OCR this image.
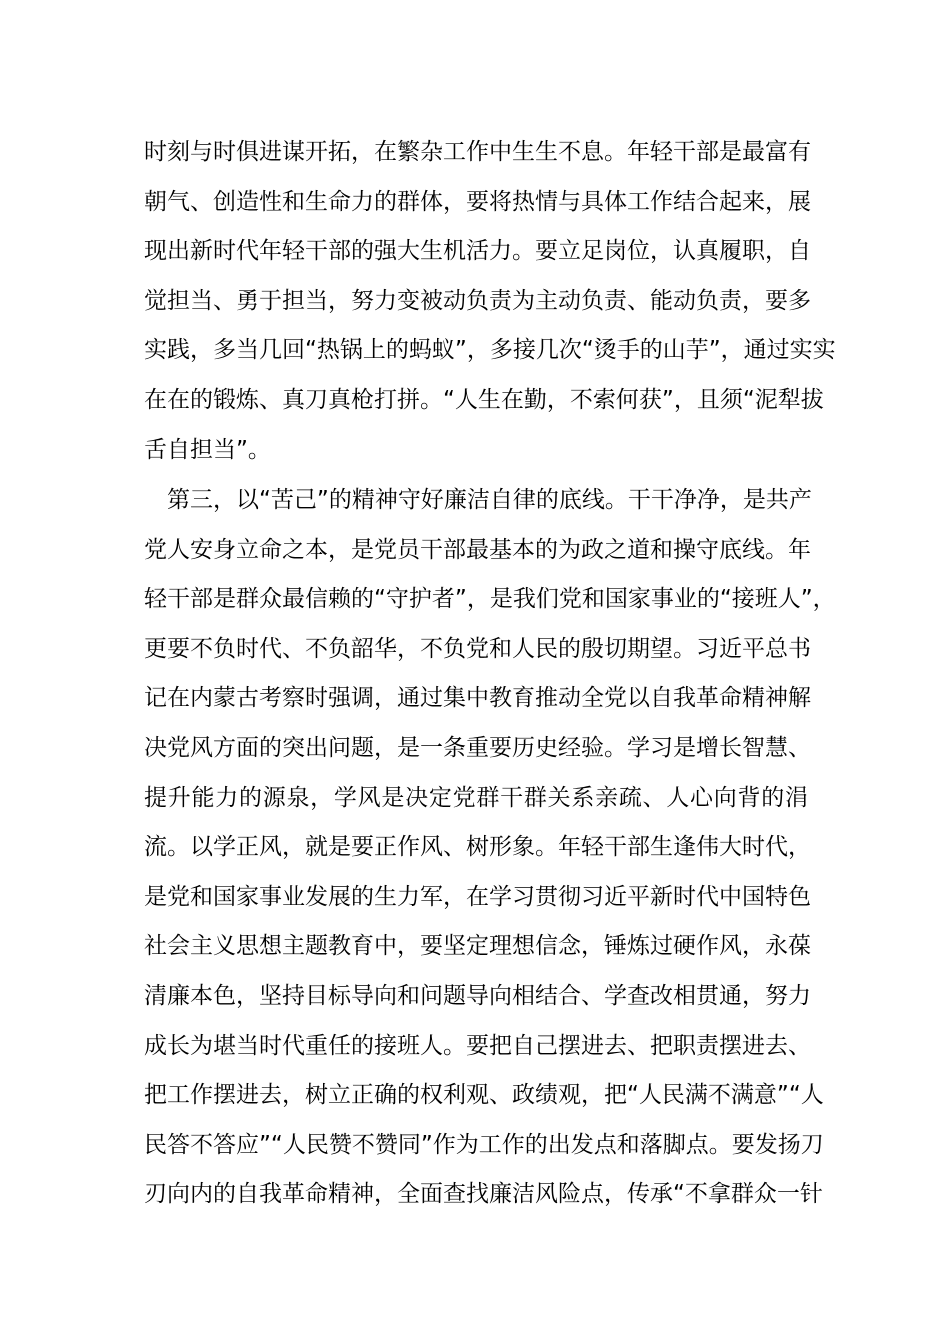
时刻与时俱进谋开拓，在繁杂工作中生生不息。年轻干部是最富有
朝气、创造性和生命力的群体，要将热情与具体工作结合起来，展
现出新时代年轻干部的强大生机活力。要立足岗位，认真履职，自
觉担当、勇于担当，努力变被动负责为主动负责、能动负责，要多
实践，多当几回“热锅上的蚂蚁”，多接几次“烫手的山芋”，通过实实
在在的锻炼、真刀真枪打拼。“人生在勤，不索何获”，且须“泥犁拔
舌自担当”。
　第三，以“苦己”的精神守好廉洁自律的底线。干干净净，是共产
党人安身立命之本，是党员干部最基本的为政之道和操守底线。年
轻干部是群众最信赖的“守护者”，是我们党和国家事业的“接班人”，
更要不负时代、不负韶华，不负党和人民的殷切期望。习近平总书
记在内蒙古考察时强调，通过集中教育推动全党以自我革命精神解
决党风方面的突出问题，是一条重要历史经验。学习是增长智慧、
提升能力的源泉，学风是决定党群干群关系亲疏、人心向背的涓
流。以学正风，就是要正作风、树形象。年轻干部生逢伟大时代，
是党和国家事业发展的生力军，在学习贯彻习近平新时代中国特色
社会主义思想主题教育中，要坚定理想信念，锤炼过硬作风，永葆
清廉本色，坚持目标导向和问题导向相结合、学查改相贯通，努力
成长为堪当时代重任的接班人。要把自己摆进去、把职责摆进去、
把工作摆进去，树立正确的权利观、政绩观，把“人民满不满意”“人
民答不答应”“人民赞不赞同”作为工作的出发点和落脚点。要发扬刀
刃向内的自我革命精神，全面查找廉洁风险点，传承“不拿群众一针
